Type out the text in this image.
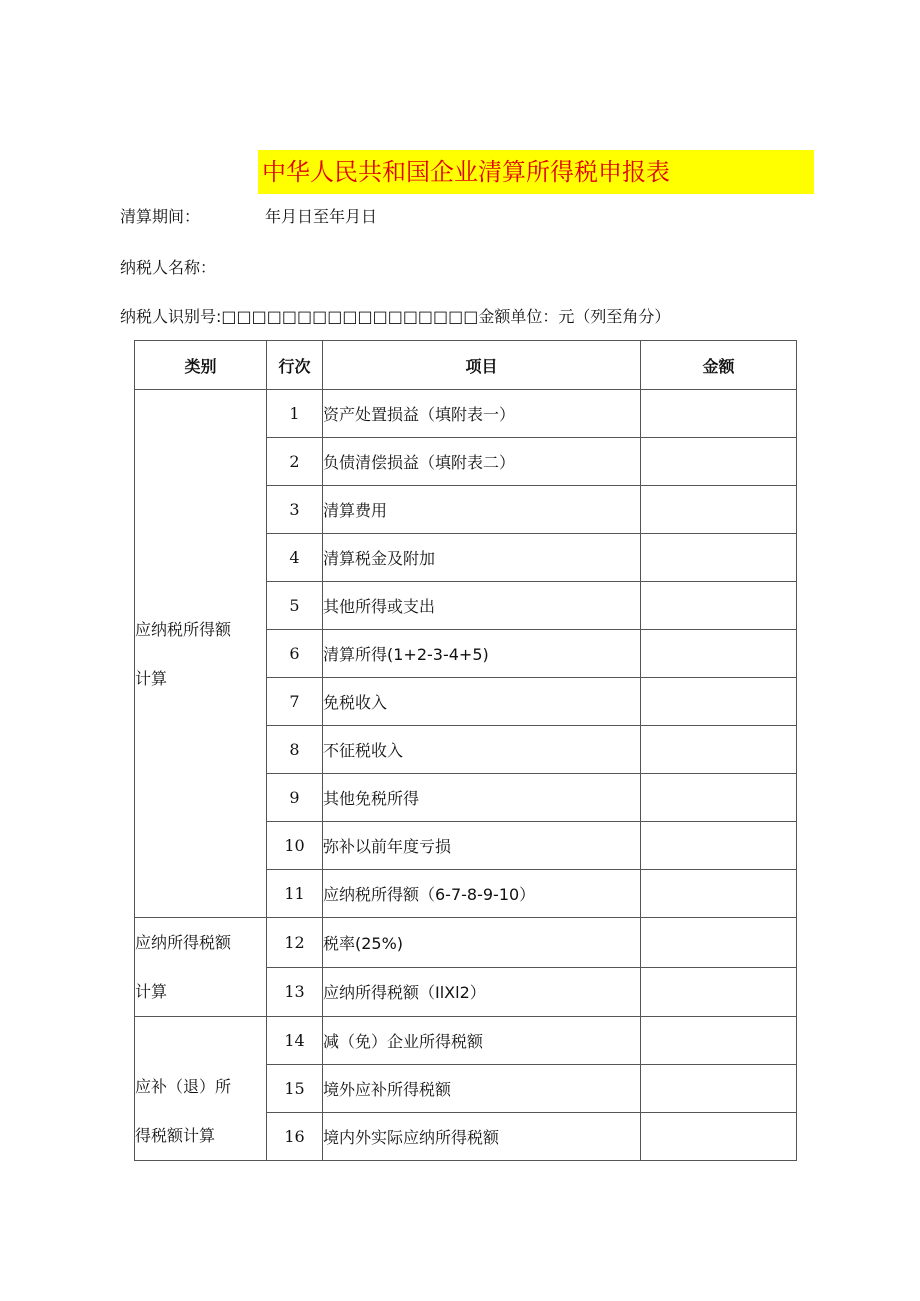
中华人民共和国企业清算所得税申报表
清算期间：	年月日至年月日
纳税人名称：
纳税人识别号:□□□□□□□□□□□□□□□□□金额单位：元（列至角分）
类别	行次	项目	金额

应纳税所得额
计算	1	资产处置损益（填附表一）	
	2	负债清偿损益（填附表二）	
	3	清算费用	
	4	清算税金及附加	
	5	其他所得或支出	
	6	清算所得(1+2-3-4+5)	
	7	免税收入	
	8	不征税收入	
	9	其他免税所得	
	10	弥补以前年度亏损	
	11	应纳税所得额（6-7-8-9-10）	

应纳所得税额
计算	12	税率(25%)	
	13	应纳所得税额（IlXl2）	

应补（退）所
得税额计算	14	减（免）企业所得税额	
	15	境外应补所得税额	
	16	境内外实际应纳所得税额	
